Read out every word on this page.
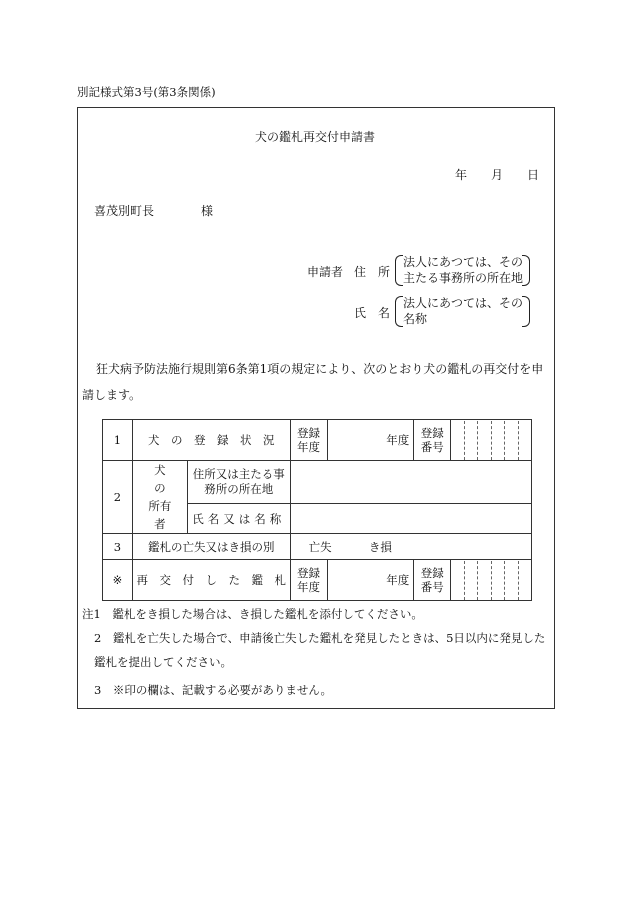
別記様式第3号(第3条関係)
犬の鑑札再交付申請書
年 月 日
喜茂別町長	様
申請者 住　所
法人にあつては、その
主たる事務所の所在地
氏　名
法人にあつては、その
名称
狂犬病予防法施行規則第6条第1項の規定により、次のとおり犬の鑑札の再交付を申請します。
1	犬　の　登　録　状　況		登録年度	年度	登録番号	

2	犬　の　所有者	住所又は主たる事務所の所在地				
		氏名又は名称				
3	鑑札の亡失又はき損の別		亡失 き損			
※	再　交　付　し　た　鑑　札		登録年度	年度	登録番号	
注1　 鑑札をき損した場合は、き損した鑑札を添付してください。
2　 鑑札を亡失した場合で、申請後亡失した鑑札を発見したときは、5日以内に発見した鑑札を提出してください。
3　 ※印の欄は、記載する必要がありません。
